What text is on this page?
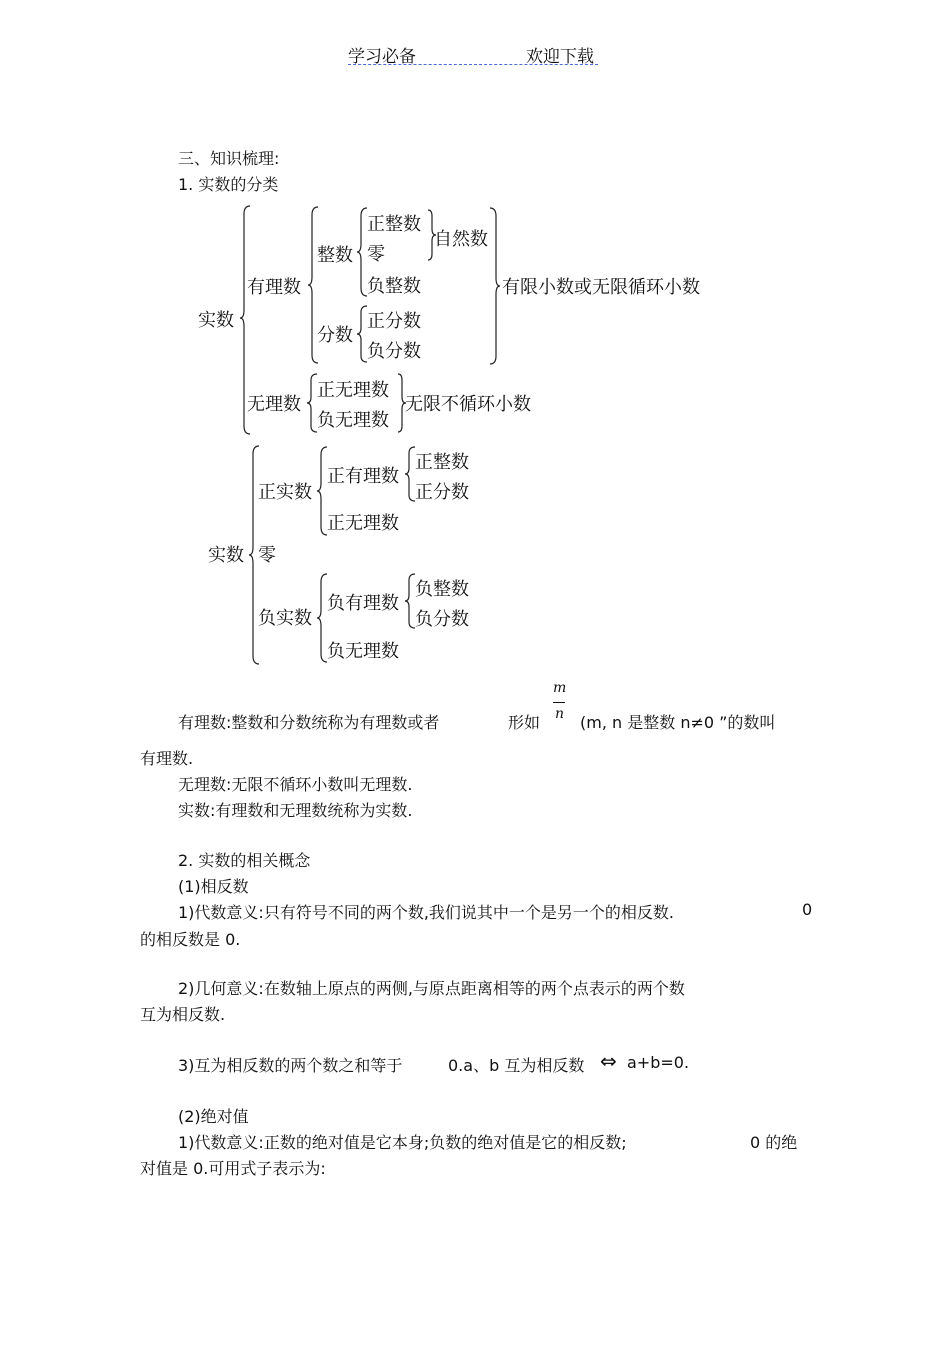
学习必备	欢迎下载
三、知识梳理:
1. 实数的分类
实数
有理数
整数
正整数
零
负整数
自然数
分数
正分数
负分数
有限小数或无限循环小数
无理数
正无理数
负无理数
无限不循环小数
实数
正实数
正有理数
正整数
正分数
正无理数
零
负实数
负有理数
负整数
负分数
负无理数
有理数:整数和分数统称为有理数或者	形如
m
n (m, n 是整数 n≠0 ”的数叫
有理数.
无理数:无限不循环小数叫无理数.
实数:有理数和无理数统称为实数.
2. 实数的相关概念
(1)相反数
1)代数意义:只有符号不同的两个数,我们说其中一个是另一个的相反数.	0
的相反数是 0.
2)几何意义:在数轴上原点的两侧,与原点距离相等的两个点表示的两个数
互为相反数.
3)互为相反数的两个数之和等于	0.a、b 互为相反数 ⇔ a+b=0.
(2)绝对值
1)代数意义:正数的绝对值是它本身;负数的绝对值是它的相反数;	0 的绝
对值是 0.可用式子表示为:
